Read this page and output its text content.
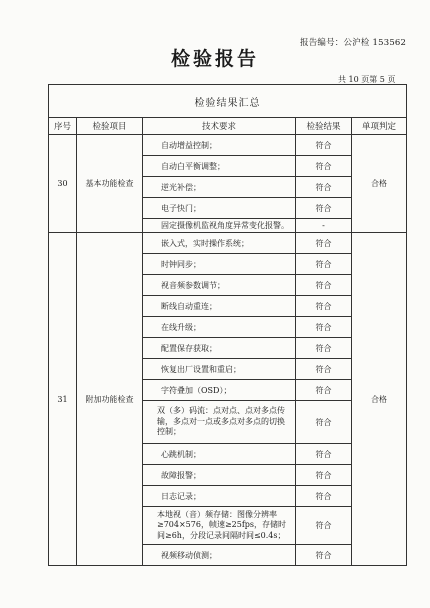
报告编号：公沪检 153562
检验报告
共 10 页第 5 页
检验结果汇总				
序号	检验项目	技术要求	检验结果	单项判定
30	基本功能检查	自动增益控制；	符合	合格
		自动白平衡调整；	符合	
		逆光补偿；	符合	
		电子快门；	符合	
		固定摄像机监视角度异常变化报警。	-	
31	附加功能检查	嵌入式，实时操作系统；	符合	合格
		时钟同步；	符合	
		视音频参数调节；	符合	
		断线自动重连；	符合	
		在线升级；	符合	
		配置保存获取；	符合	
		恢复出厂设置和重启；	符合	
		字符叠加（OSD）；	符合	
		双（多）码流：点对点、点对多点传输，多点对一点或多点对多点的切换控制；	符合	
		心跳机制；	符合	
		故障报警；	符合	
		日志记录；	符合	
		本地视（音）频存储：图像分辨率≥704×576，帧速≥25fps，存储时间≥6h，分段记录间隔时间≤0.4s；	符合	
		视频移动侦测；	符合	
